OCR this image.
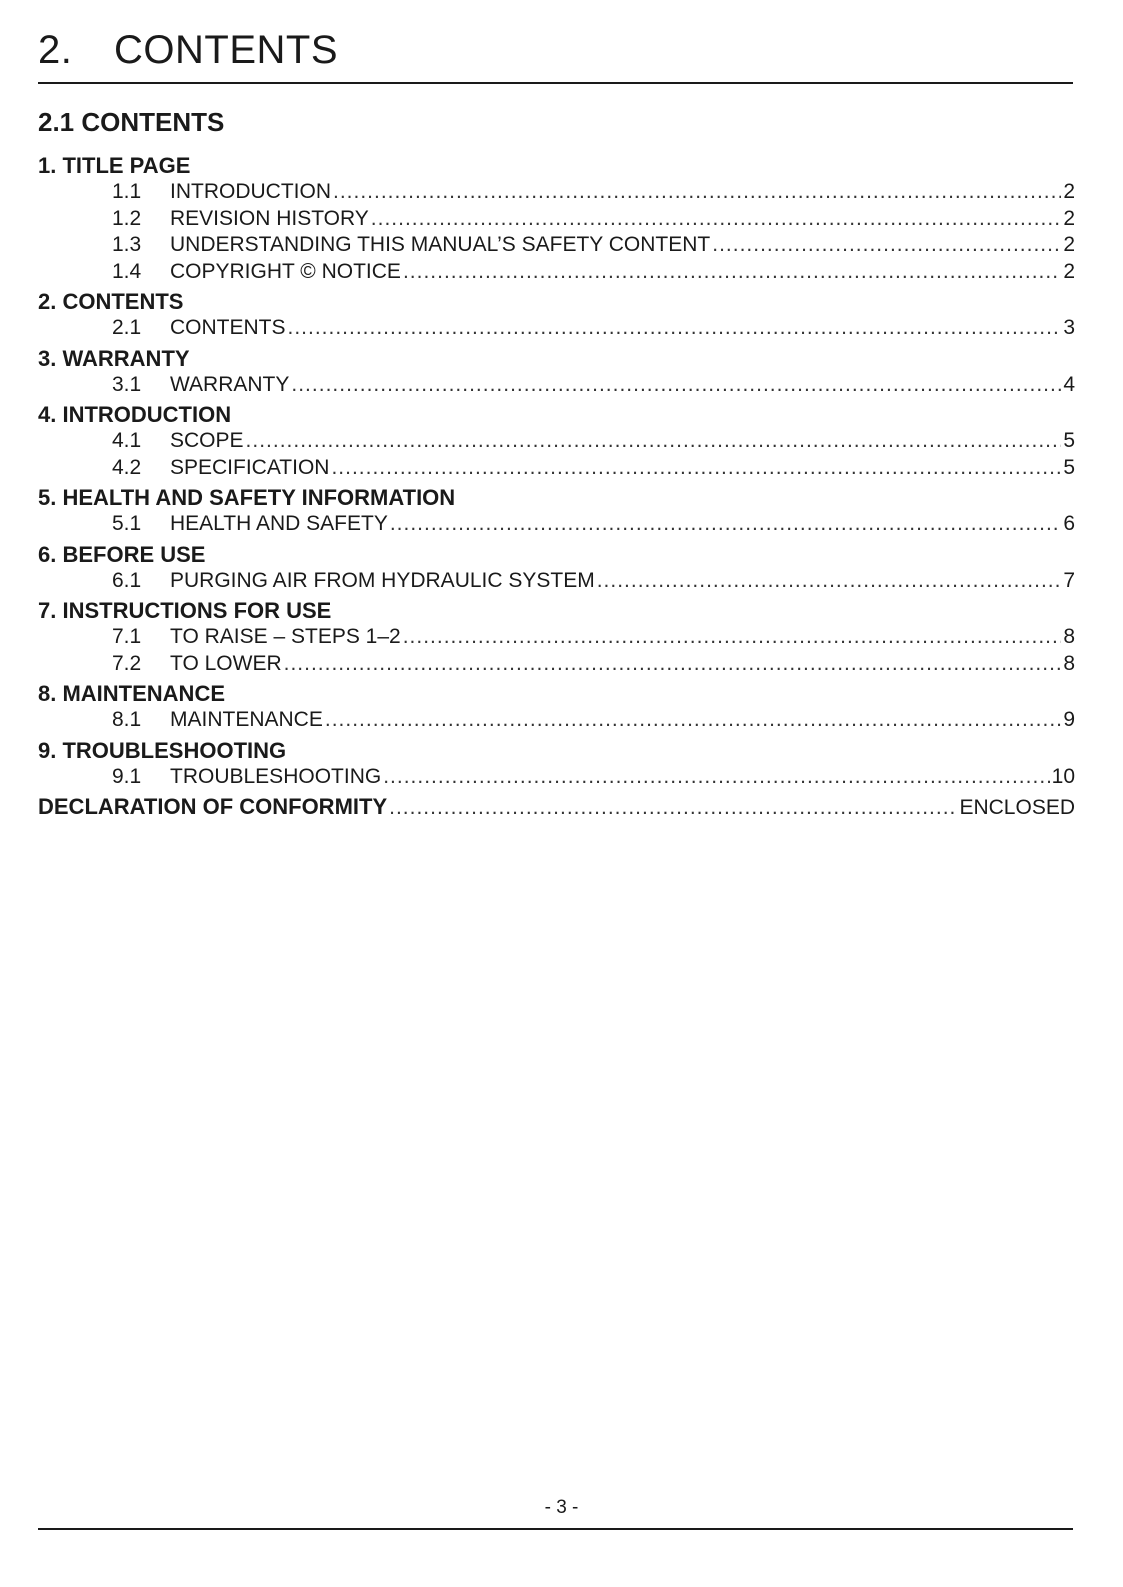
2. CONTENTS
2.1 CONTENTS
1. TITLE PAGE
1.1	INTRODUCTION .....	2
1.2	REVISION HISTORY .....	2
1.3	UNDERSTANDING THIS MANUAL’S SAFETY CONTENT .....	2
1.4	COPYRIGHT © NOTICE .....	2
2. CONTENTS
2.1	CONTENTS .....	3
3. WARRANTY
3.1	WARRANTY .....	4
4. INTRODUCTION
4.1	SCOPE .....	5
4.2	SPECIFICATION .....	5
5. HEALTH AND SAFETY INFORMATION
5.1	HEALTH AND SAFETY .....	6
6. BEFORE USE
6.1	PURGING AIR FROM HYDRAULIC SYSTEM .....	7
7. INSTRUCTIONS FOR USE
7.1	TO RAISE – STEPS 1–2 .....	8
7.2	TO LOWER .....	8
8. MAINTENANCE
8.1	MAINTENANCE .....	9
9. TROUBLESHOOTING
9.1	TROUBLESHOOTING .....	10
DECLARATION OF CONFORMITY .....	ENCLOSED
- 3 -
